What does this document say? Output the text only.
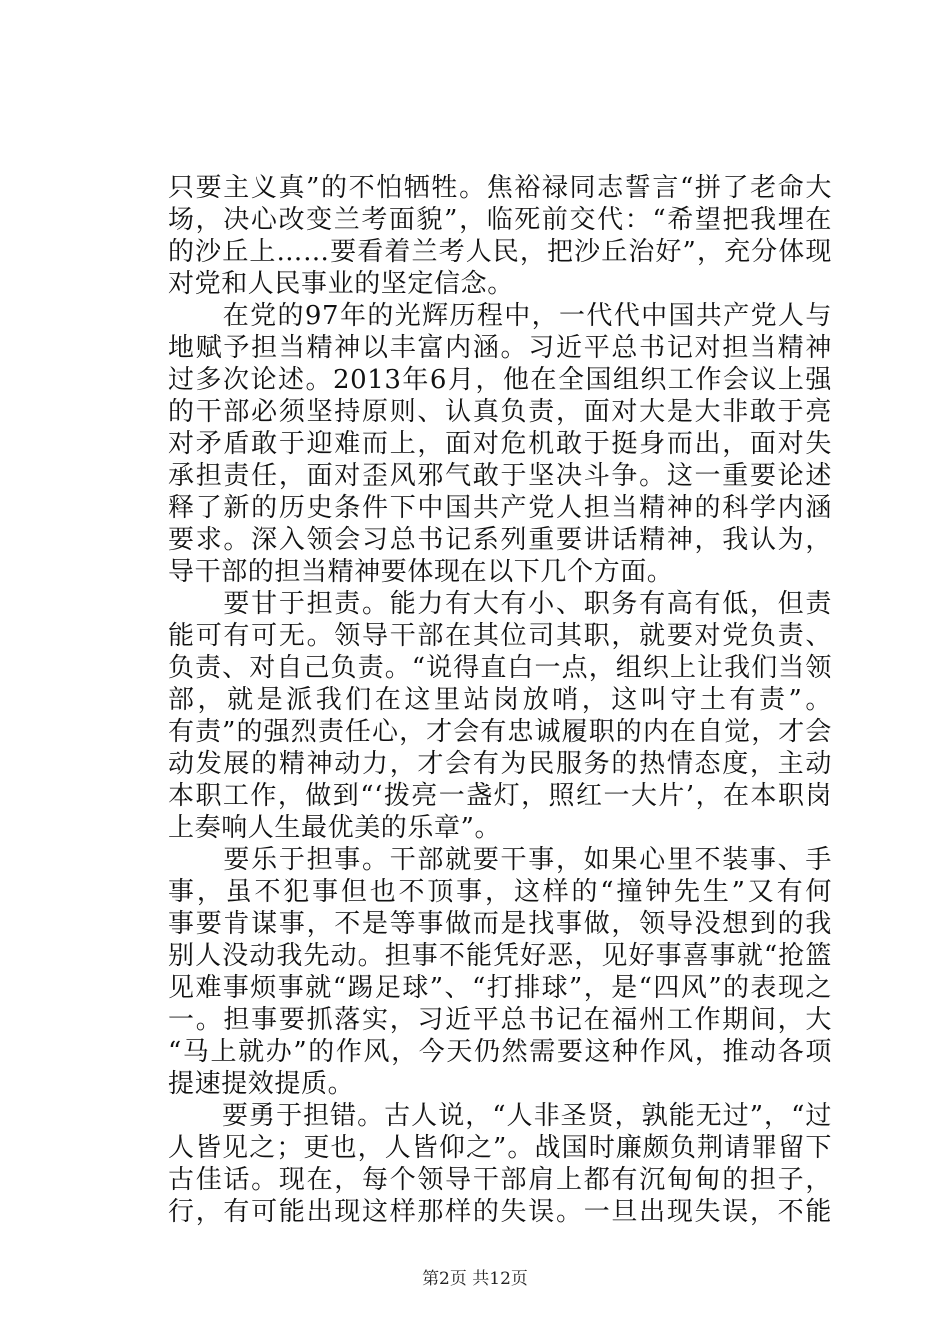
只要主义真”的不怕牺牲。焦裕禄同志誓言“拼了老命大
场，决心改变兰考面貌”，临死前交代：“希望把我埋在
的沙丘上……要看着兰考人民，把沙丘治好”，充分体现
对党和人民事业的坚定信念。
　　在党的97年的光辉历程中，一代代中国共产党人与
地赋予担当精神以丰富内涵。习近平总书记对担当精神
过多次论述。2013年6月，他在全国组织工作会议上强
的干部必须坚持原则、认真负责，面对大是大非敢于亮
对矛盾敢于迎难而上，面对危机敢于挺身而出，面对失
承担责任，面对歪风邪气敢于坚决斗争。这一重要论述
释了新的历史条件下中国共产党人担当精神的科学内涵
要求。深入领会习总书记系列重要讲话精神，我认为，
导干部的担当精神要体现在以下几个方面。
　　要甘于担责。能力有大有小、职务有高有低，但责
能可有可无。领导干部在其位司其职，就要对党负责、
负责、对自己负责。“说得直白一点，组织上让我们当领
部，就是派我们在这里站岗放哨，这叫守土有责”。
有责”的强烈责任心，才会有忠诚履职的内在自觉，才会
动发展的精神动力，才会有为民服务的热情态度，主动
本职工作，做到“‘拨亮一盏灯，照红一大片’，在本职岗
上奏响人生最优美的乐章”。
　　要乐于担事。干部就要干事，如果心里不装事、手
事，虽不犯事但也不顶事，这样的“撞钟先生”又有何
事要肯谋事，不是等事做而是找事做，领导没想到的我
别人没动我先动。担事不能凭好恶，见好事喜事就“抢篮
见难事烦事就“踢足球”、“打排球”，是“四风”的表现之
一。担事要抓落实，习近平总书记在福州工作期间，大
“马上就办”的作风，今天仍然需要这种作风，推动各项
提速提效提质。
　　要勇于担错。古人说，“人非圣贤，孰能无过”，“过
人皆见之；更也，人皆仰之”。战国时廉颇负荆请罪留下
古佳话。现在，每个领导干部肩上都有沉甸甸的担子，
行，有可能出现这样那样的失误。一旦出现失误，不能
第2页 共12页
